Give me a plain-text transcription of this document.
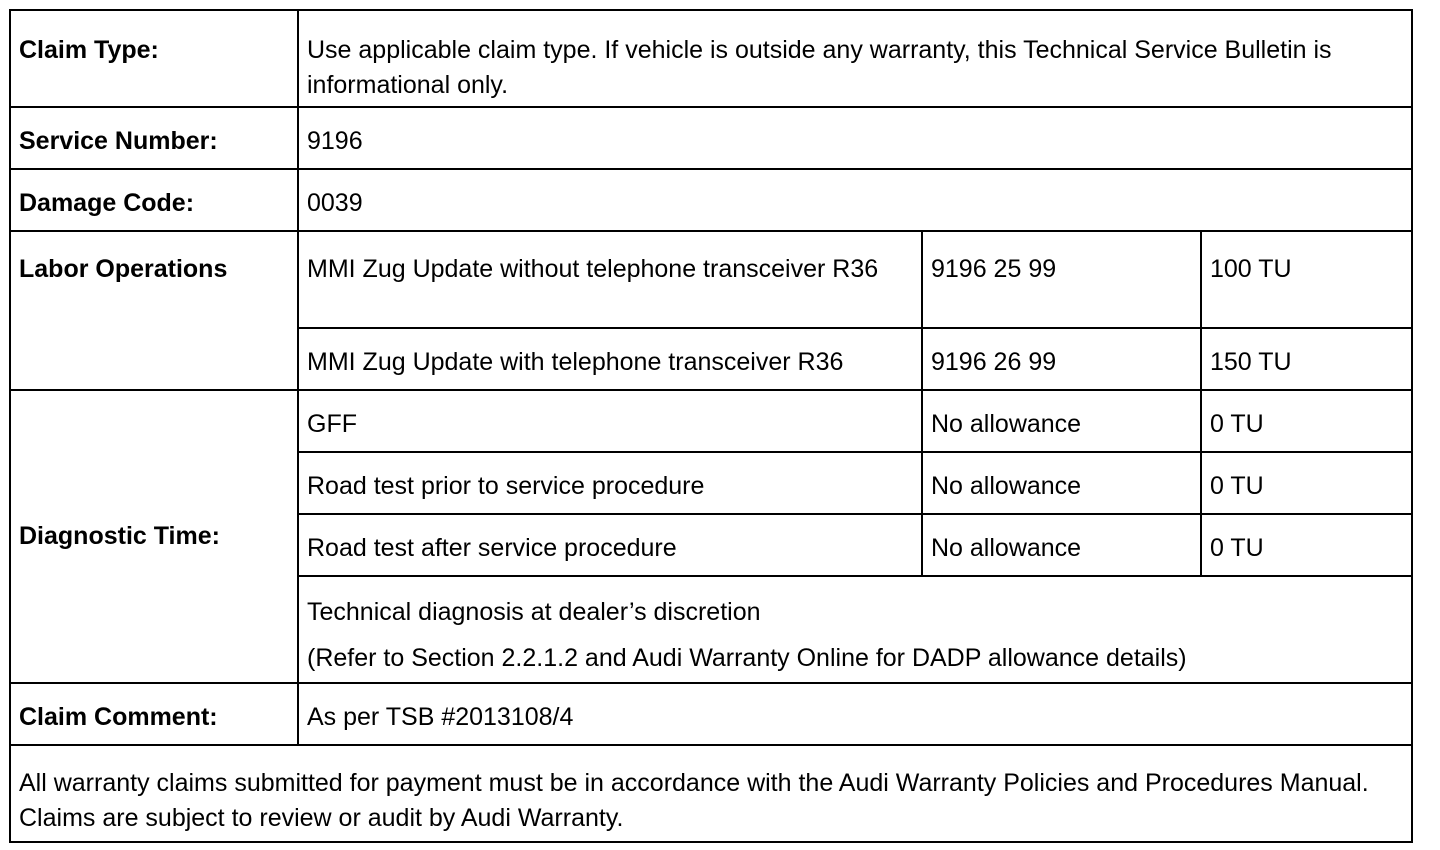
Claim Type:	Use applicable claim type. If vehicle is outside any warranty, this Technical Service Bulletin is informational only.		
Service Number:	9196		
Damage Code:	0039		
Labor Operations	MMI Zug Update without telephone transceiver R36	9196 25 99	100 TU
	MMI Zug Update with telephone transceiver R36	9196 26 99	150 TU
Diagnostic Time:	GFF	No allowance	0 TU
	Road test prior to service procedure	No allowance	0 TU
	Road test after service procedure	No allowance	0 TU

	Technical diagnosis at dealer’s discretion
(Refer to Section 2.2.1.2 and Audi Warranty Online for DADP allowance details)		

Claim Comment:	As per TSB #2013108/4		
All warranty claims submitted for payment must be in accordance with the Audi Warranty Policies and Procedures Manual. Claims are subject to review or audit by Audi Warranty.			
